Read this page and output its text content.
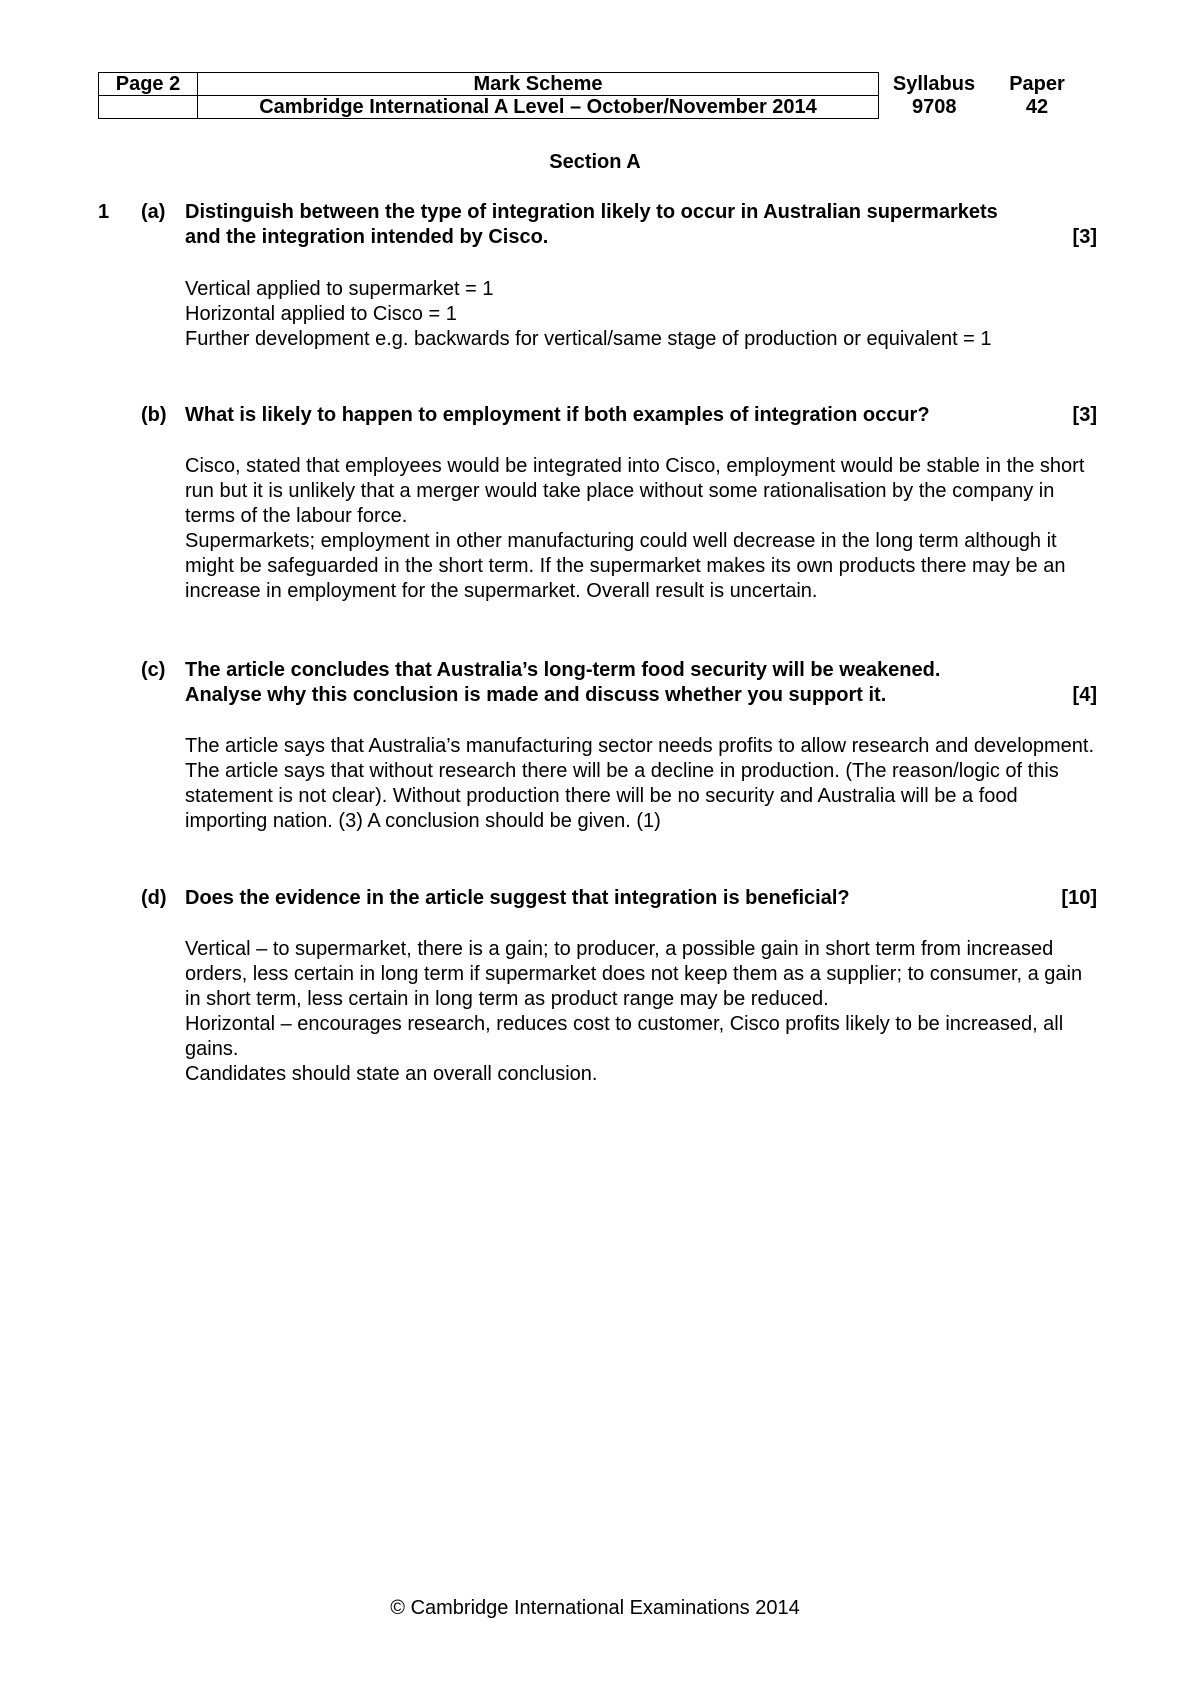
Page 2	Mark Scheme	Syllabus	Paper
	Cambridge International A Level – October/November 2014	9708	42
Section A
1 (a) Distinguish between the type of integration likely to occur in Australian supermarkets
[3]
and the integration intended by Cisco.

Vertical applied to supermarket = 1

Horizontal applied to Cisco = 1

Further development e.g. backwards for vertical/same stage of production or equivalent = 1

(b)	[3]
What is likely to happen to employment if both examples of integration occur?

Cisco, stated that employees would be integrated into Cisco, employment would be stable in the short run but it is unlikely that a merger would take place without some rationalisation by the company in terms of the labour force.

Supermarkets; employment in other manufacturing could well decrease in the long term although it might be safeguarded in the short term. If the supermarket makes its own products there may be an increase in employment for the supermarket. Overall result is uncertain.

(c) The article concludes that Australia’s long-term food security will be weakened.
[4]
Analyse why this conclusion is made and discuss whether you support it.

The article says that Australia’s manufacturing sector needs profits to allow research and development. The article says that without research there will be a decline in production. (The reason/logic of this statement is not clear). Without production there will be no security and Australia will be a food importing nation. (3) A conclusion should be given. (1)

(d)	[10]
Does the evidence in the article suggest that integration is beneficial?

Vertical – to supermarket, there is a gain; to producer, a possible gain in short term from increased orders, less certain in long term if supermarket does not keep them as a supplier; to consumer, a gain in short term, less certain in long term as product range may be reduced.

Horizontal – encourages research, reduces cost to customer, Cisco profits likely to be increased, all gains.

Candidates should state an overall conclusion.

© Cambridge International Examinations 2014
